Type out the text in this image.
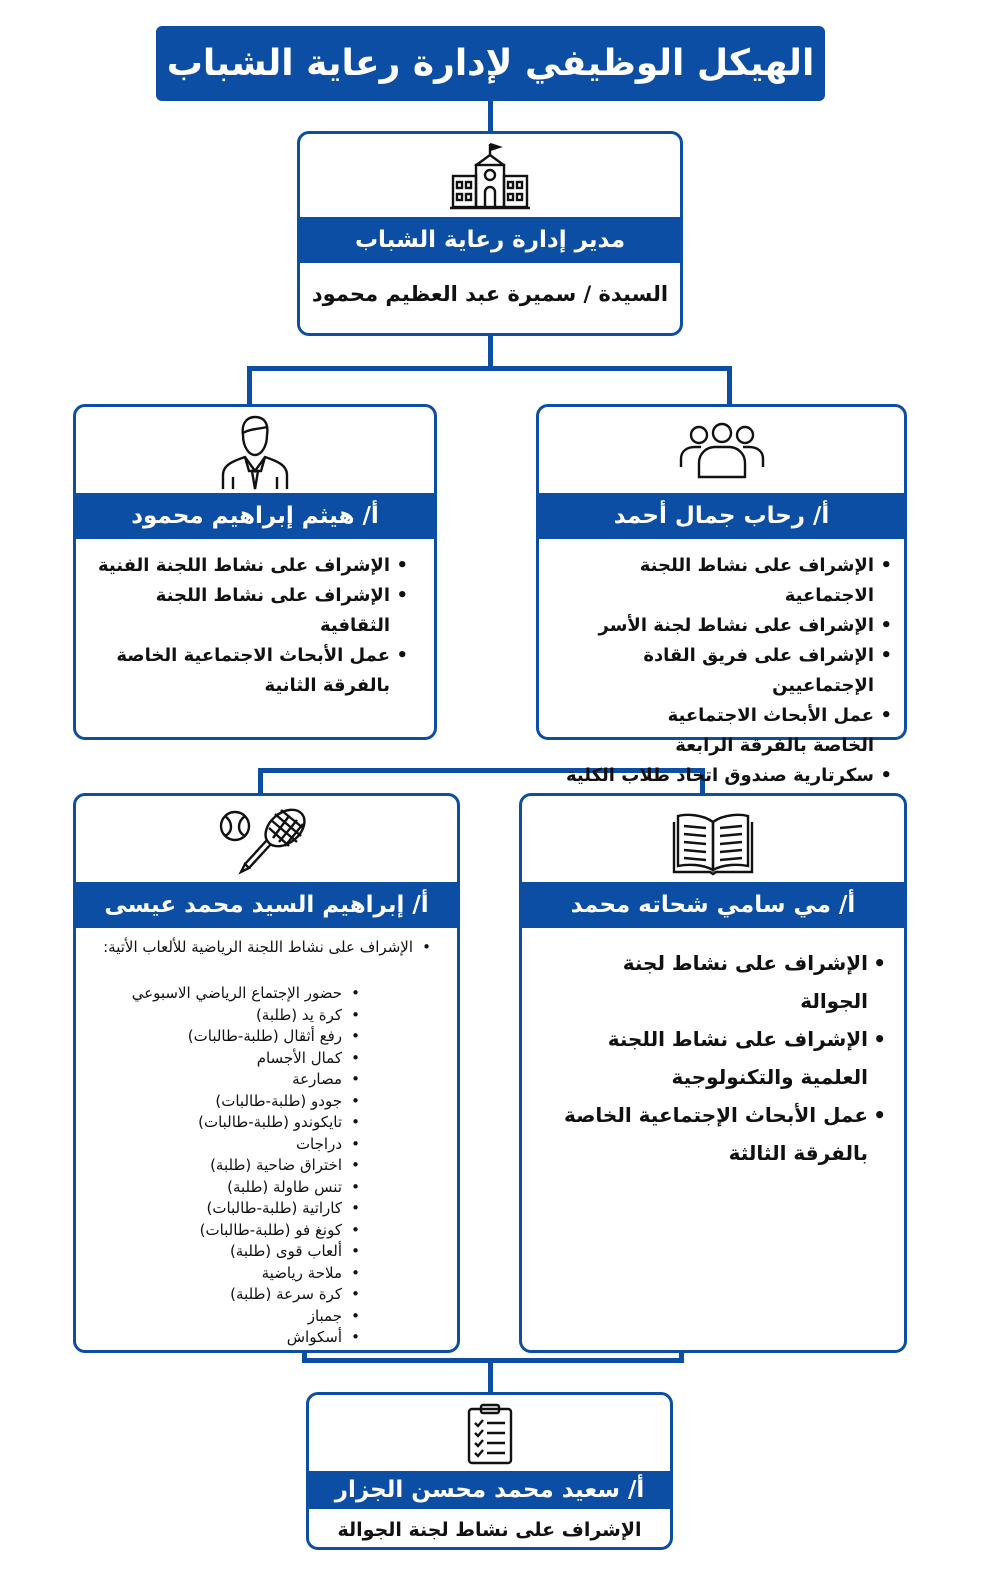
الهيكل الوظيفي لإدارة رعاية الشباب
مدير إدارة رعاية الشباب
السيدة / سميرة عبد العظيم محمود
أ/ هيثم إبراهيم محمود
• الإشراف على نشاط اللجنة الفنية
• الإشراف على نشاط اللجنة الثقافية
• عمل الأبحاث الاجتماعية الخاصة بالفرقة الثانية
أ/ رحاب جمال أحمد
• الإشراف على نشاط اللجنة الاجتماعية
• الإشراف على نشاط لجنة الأسر
• الإشراف على فريق القادة الإجتماعيين
• عمل الأبحاث الاجتماعية الخاصة بالفرقة الرابعة
• سكرتارية صندوق اتحاد طلاب الكلية
أ/ إبراهيم السيد محمد عيسى
• الإشراف على نشاط اللجنة الرياضية للألعاب الأتية:
• حضور الإجتماع الرياضي الاسبوعي
• كرة يد (طلبة)
• رفع أثقال (طلبة-طالبات)
• كمال الأجسام
• مصارعة
• جودو (طلبة-طالبات)
• تايكوندو (طلبة-طالبات)
• دراجات
• اختراق ضاحية (طلبة)
• تنس طاولة (طلبة)
• كاراتية (طلبة-طالبات)
• كونغ فو (طلبة-طالبات)
• ألعاب قوى (طلبة)
• ملاحة رياضية
• كرة سرعة (طلبة)
• جمباز
• أسكواش
أ/ مي سامي شحاته محمد
• الإشراف على نشاط لجنة الجوالة
• الإشراف على نشاط اللجنة العلمية والتكنولوجية
• عمل الأبحاث الإجتماعية الخاصة بالفرقة الثالثة
أ/ سعيد محمد محسن الجزار
الإشراف على نشاط لجنة الجوالة
